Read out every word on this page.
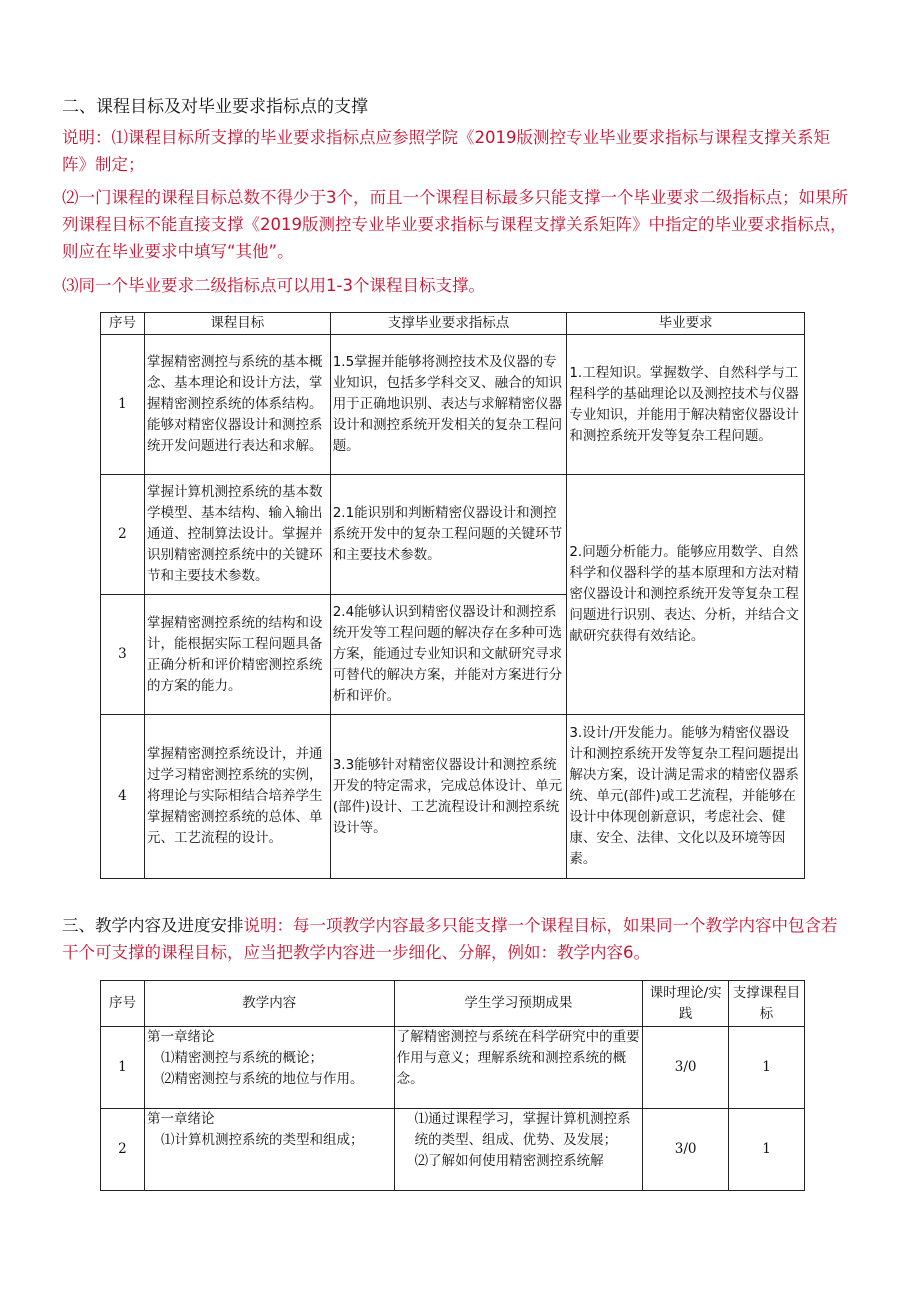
二、课程目标及对毕业要求指标点的支撑

说明：⑴课程目标所支撑的毕业要求指标点应参照学院《2019版测控专业毕业要求指标与课程支撑关系矩阵》制定；

⑵一门课程的课程目标总数不得少于3个，而且一个课程目标最多只能支撑一个毕业要求二级指标点；如果所列课程目标不能直接支撑《2019版测控专业毕业要求指标与课程支撑关系矩阵》中指定的毕业要求指标点，则应在毕业要求中填写“其他”。

⑶同一个毕业要求二级指标点可以用1-3个课程目标支撑。

序号	课程目标	支撑毕业要求指标点	毕业要求
1	掌握精密测控与系统的基本概念、基本理论和设计方法，掌握精密测控系统的体系结构。能够对精密仪器设计和测控系统开发问题进行表达和求解。	1.5掌握并能够将测控技术及仪器的专业知识，包括多学科交叉、融合的知识用于正确地识别、表达与求解精密仪器设计和测控系统开发相关的复杂工程问题。	1.工程知识。掌握数学、自然科学与工程科学的基础理论以及测控技术与仪器专业知识，并能用于解决精密仪器设计和测控系统开发等复杂工程问题。
2	掌握计算机测控系统的基本数学模型、基本结构、输入输出通道、控制算法设计。掌握并识别精密测控系统中的关键环节和主要技术参数。	2.1能识别和判断精密仪器设计和测控系统开发中的复杂工程问题的关键环节和主要技术参数。	2.问题分析能力。能够应用数学、自然科学和仪器科学的基本原理和方法对精密仪器设计和测控系统开发等复杂工程问题进行识别、表达、分析，并结合文献研究获得有效结论。
3	掌握精密测控系统的结构和设计，能根据实际工程问题具备正确分析和评价精密测控系统的方案的能力。	2.4能够认识到精密仪器设计和测控系统开发等工程问题的解决存在多种可选方案，能通过专业知识和文献研究寻求可替代的解决方案，并能对方案进行分析和评价。	
4	掌握精密测控系统设计，并通过学习精密测控系统的实例，将理论与实际相结合培养学生掌握精密测控系统的总体、单元、工艺流程的设计。	3.3能够针对精密仪器设计和测控系统开发的特定需求，完成总体设计、单元(部件)设计、工艺流程设计和测控系统设计等。	3.设计/开发能力。能够为精密仪器设计和测控系统开发等复杂工程问题提出解决方案，设计满足需求的精密仪器系统、单元(部件)或工艺流程，并能够在设计中体现创新意识，考虑社会、健康、安全、法律、文化以及环境等因素。

三、教学内容及进度安排说明：每一项教学内容最多只能支撑一个课程目标，如果同一个教学内容中包含若干个可支撑的课程目标，应当把教学内容进一步细化、分解，例如：教学内容6。

序号	教学内容	学生学习预期成果	课时理论/实践	支撑课程目标
1	第一章绪论
⑴精密测控与系统的概论；
⑵精密测控与系统的地位与作用。	了解精密测控与系统在科学研究中的重要作用与意义；理解系统和测控系统的概念。	3/0	1
2	第一章绪论
⑴计算机测控系统的类型和组成；	⑴通过课程学习，掌握计算机测控系统的类型、组成、优势、及发展；
⑵了解如何使用精密测控系统解	3/0	1
